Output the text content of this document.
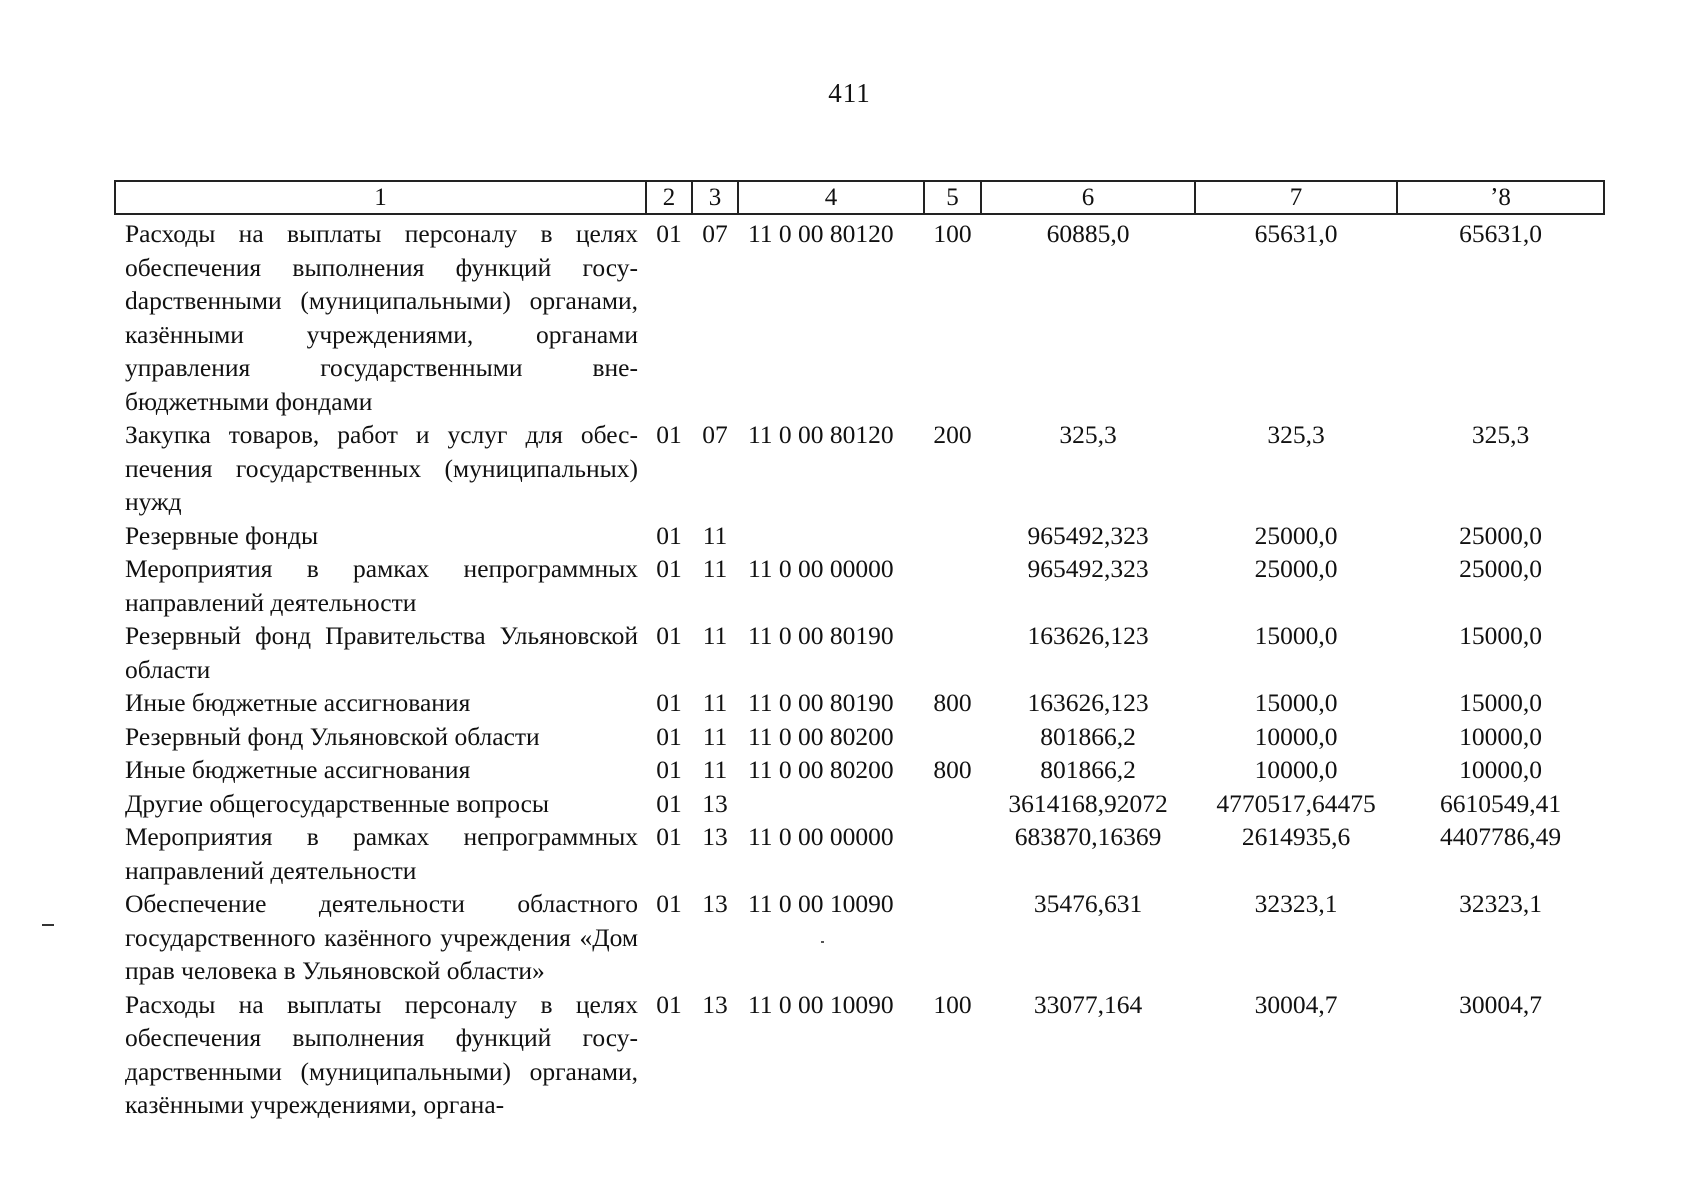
411
1	2	3	4	5	6	7	ʼ8
Расходы на выплаты персоналу в целях обеспечения выполнения функций госуdарственными (муниципальными) органами, казёнными учреждениями, органами управления государственными внебюджетными фондами	01	07	11 0 00 80120	100	60885,0	65631,0	65631,0
Закупка товаров, работ и услуг для обеспечения государственных (муниципальных) нужд	01	07	11 0 00 80120	200	325,3	325,3	325,3
Резервные фонды	01	11			965492,323	25000,0	25000,0
Мероприятия в рамках непрограммных направлений деятельности	01	11	11 0 00 00000		965492,323	25000,0	25000,0
Резервный фонд Правительства Ульяновской области	01	11	11 0 00 80190		163626,123	15000,0	15000,0
Иные бюджетные ассигнования	01	11	11 0 00 80190	800	163626,123	15000,0	15000,0
Резервный фонд Ульяновской области	01	11	11 0 00 80200		801866,2	10000,0	10000,0
Иные бюджетные ассигнования	01	11	11 0 00 80200	800	801866,2	10000,0	10000,0
Другие общегосударственные вопросы	01	13			3614168,92072	4770517,64475	6610549,41
Мероприятия в рамках непрограммных направлений деятельности	01	13	11 0 00 00000		683870,16369	2614935,6	4407786,49
Обеспечение деятельности областного государственного казённого учреждения «Дом прав человека в Ульяновской области»	01	13	11 0 00 10090		35476,631	32323,1	32323,1
Расходы на выплаты персоналу в целях обеспечения выполнения функций государственными (муниципальными) органами, казёнными учреждениями, органа-	01	13	11 0 00 10090	100	33077,164	30004,7	30004,7
